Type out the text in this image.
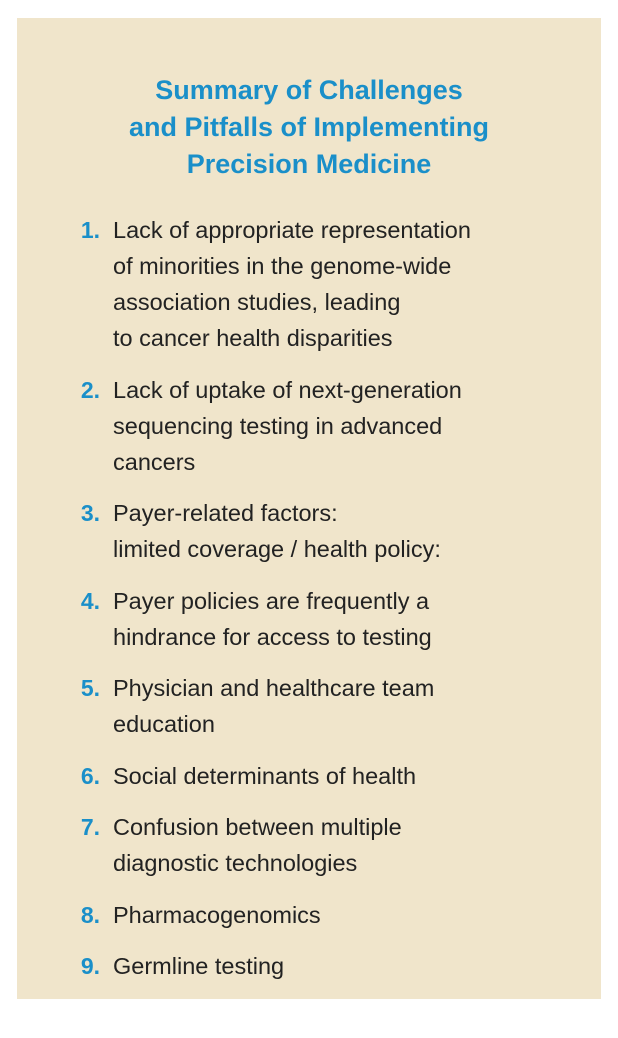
Summary of Challenges
and Pitfalls of Implementing
Precision Medicine
1. Lack of appropriate representation
of minorities in the genome-wide
association studies, leading
to cancer health disparities
2. Lack of uptake of next-generation
sequencing testing in advanced
cancers
3. Payer-related factors:
limited coverage / health policy:
4. Payer policies are frequently a
hindrance for access to testing
5. Physician and healthcare team
education
6. Social determinants of health
7. Confusion between multiple
diagnostic technologies
8. Pharmacogenomics
9. Germline testing
